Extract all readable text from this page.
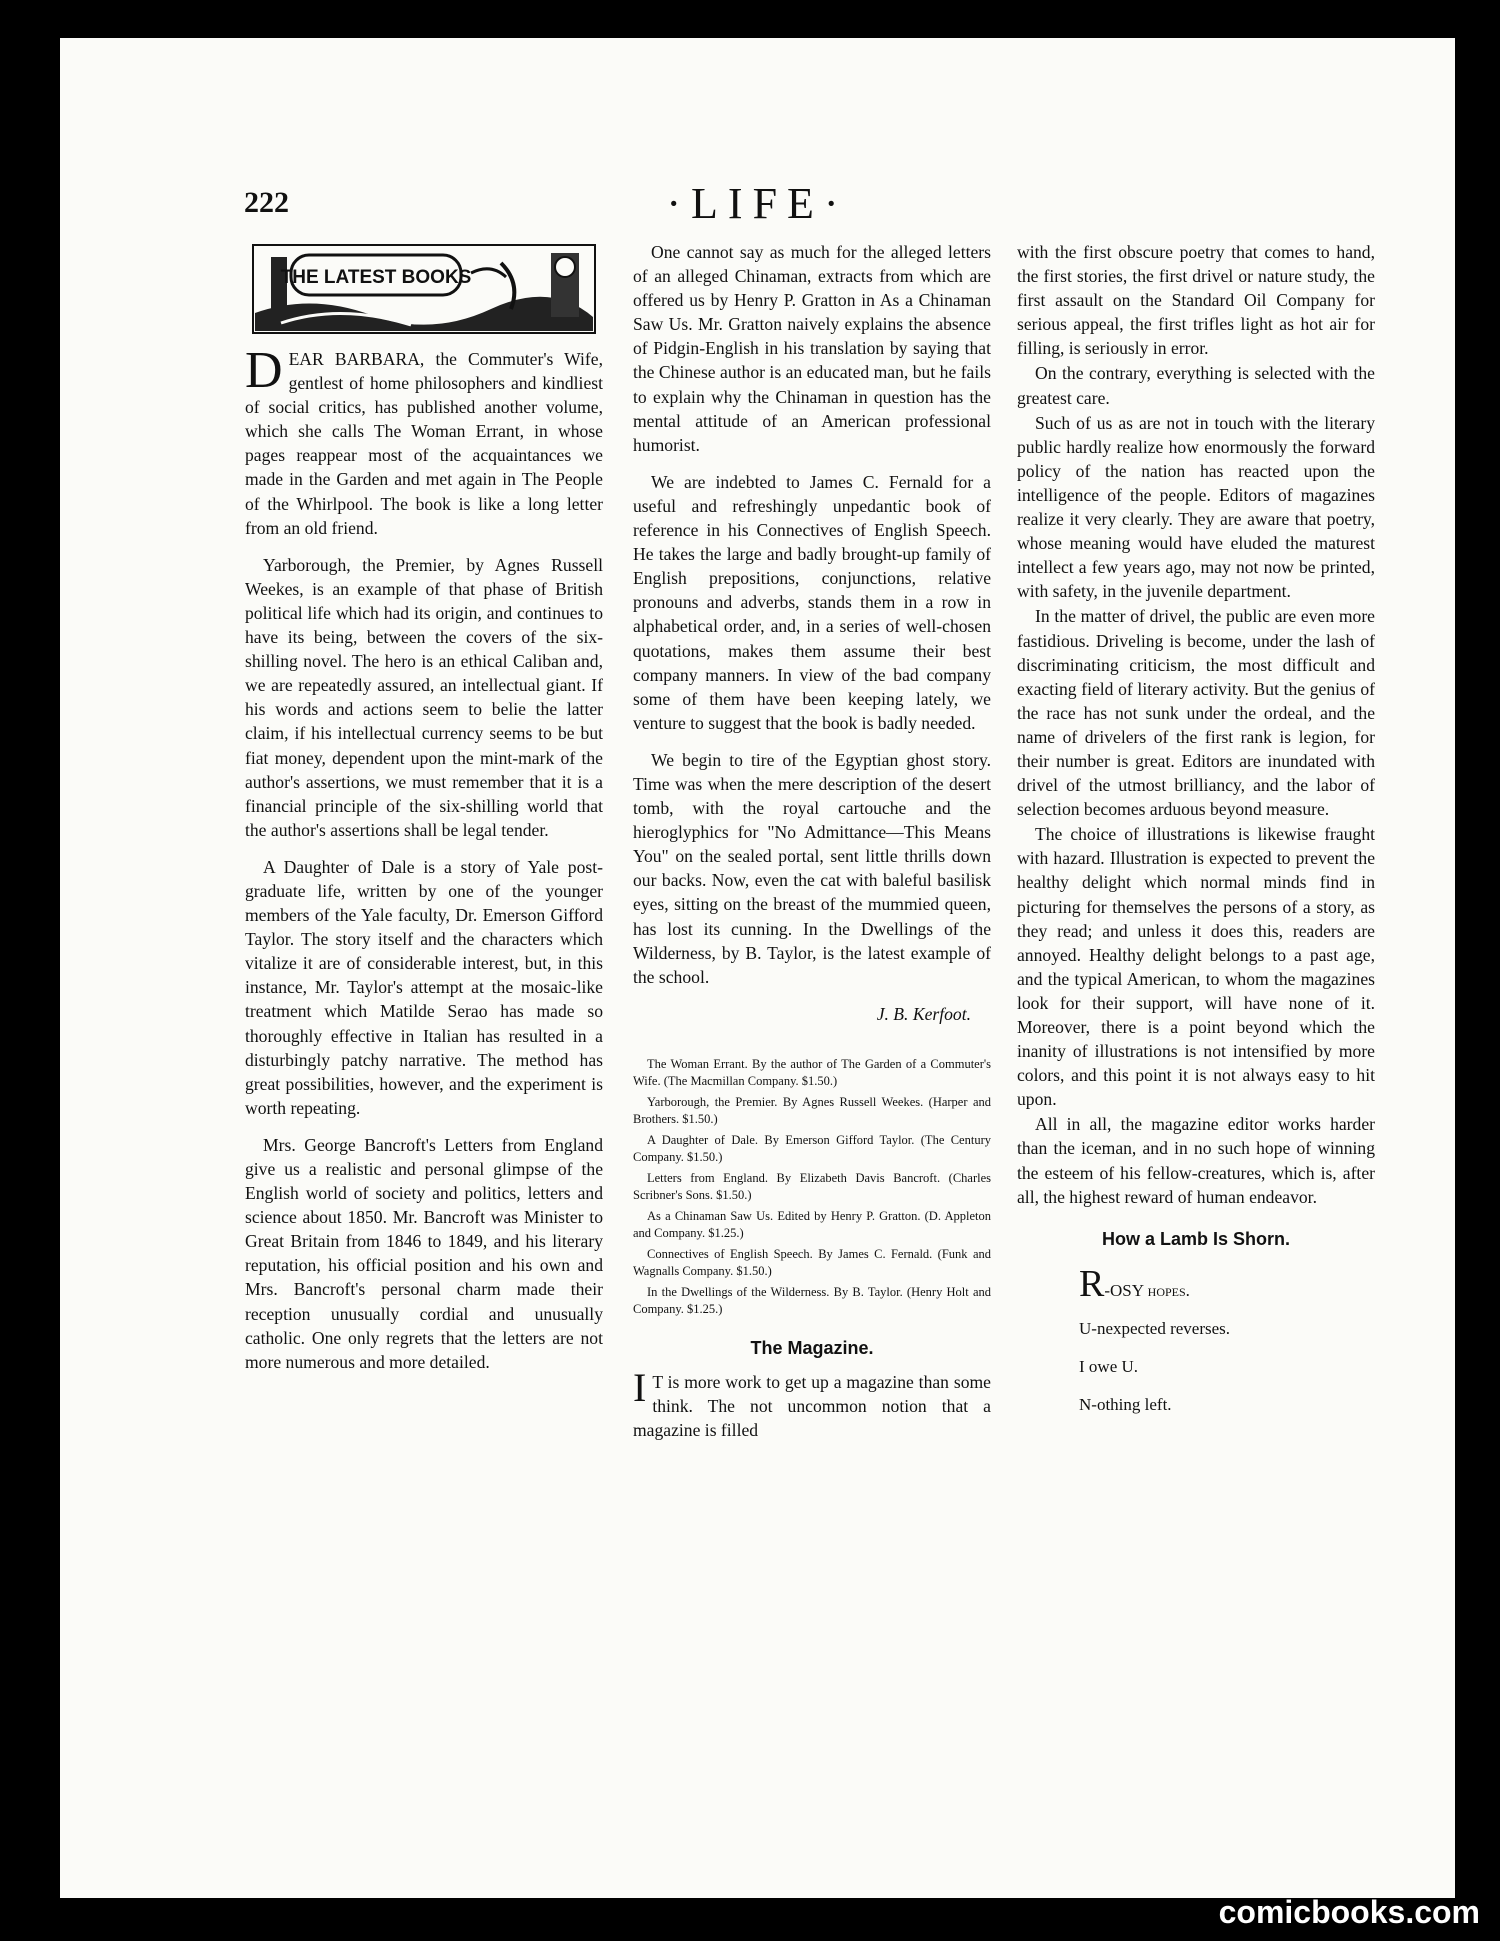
222	·LIFE·
THE LATEST BOOKS

DEAR BARBARA, the Commuter's Wife, gentlest of home philosophers and kindliest of social critics, has published another volume, which she calls The Woman Errant, in whose pages reappear most of the acquaintances we made in the Garden and met again in The People of the Whirlpool. The book is like a long letter from an old friend.

Yarborough, the Premier, by Agnes Russell Weekes, is an example of that phase of British political life which had its origin, and continues to have its being, between the covers of the six-shilling novel. The hero is an ethical Caliban and, we are repeatedly assured, an intellectual giant. If his words and actions seem to belie the latter claim, if his intellectual currency seems to be but fiat money, dependent upon the mint-mark of the author's assertions, we must remember that it is a financial principle of the six-shilling world that the author's assertions shall be legal tender.

A Daughter of Dale is a story of Yale post-graduate life, written by one of the younger members of the Yale faculty, Dr. Emerson Gifford Taylor. The story itself and the characters which vitalize it are of considerable interest, but, in this instance, Mr. Taylor's attempt at the mosaic-like treatment which Matilde Serao has made so thoroughly effective in Italian has resulted in a disturbingly patchy narrative. The method has great possibilities, however, and the experiment is worth repeating.

Mrs. George Bancroft's Letters from England give us a realistic and personal glimpse of the English world of society and politics, letters and science about 1850. Mr. Bancroft was Minister to Great Britain from 1846 to 1849, and his literary reputation, his official position and his own and Mrs. Bancroft's personal charm made their reception unusually cordial and unusually catholic. One only regrets that the letters are not more numerous and more detailed.

One cannot say as much for the alleged letters of an alleged Chinaman, extracts from which are offered us by Henry P. Gratton in As a Chinaman Saw Us. Mr. Gratton naively explains the absence of Pidgin-English in his translation by saying that the Chinese author is an educated man, but he fails to explain why the Chinaman in question has the mental attitude of an American professional humorist.

We are indebted to James C. Fernald for a useful and refreshingly unpedantic book of reference in his Connectives of English Speech. He takes the large and badly brought-up family of English prepositions, conjunctions, relative pronouns and adverbs, stands them in a row in alphabetical order, and, in a series of well-chosen quotations, makes them assume their best company manners. In view of the bad company some of them have been keeping lately, we venture to suggest that the book is badly needed.

We begin to tire of the Egyptian ghost story. Time was when the mere description of the desert tomb, with the royal cartouche and the hieroglyphics for "No Admittance—This Means You" on the sealed portal, sent little thrills down our backs. Now, even the cat with baleful basilisk eyes, sitting on the breast of the mummied queen, has lost its cunning. In the Dwellings of the Wilderness, by B. Taylor, is the latest example of the school.

J. B. Kerfoot.

The Woman Errant. By the author of The Garden of a Commuter's Wife. (The Macmillan Company. $1.50.)

Yarborough, the Premier. By Agnes Russell Weekes. (Harper and Brothers. $1.50.)

A Daughter of Dale. By Emerson Gifford Taylor. (The Century Company. $1.50.)

Letters from England. By Elizabeth Davis Bancroft. (Charles Scribner's Sons. $1.50.)

As a Chinaman Saw Us. Edited by Henry P. Gratton. (D. Appleton and Company. $1.25.)

Connectives of English Speech. By James C. Fernald. (Funk and Wagnalls Company. $1.50.)

In the Dwellings of the Wilderness. By B. Taylor. (Henry Holt and Company. $1.25.)

The Magazine.

I T is more work to get up a magazine than some think. The not uncommon notion that a magazine is filled

with the first obscure poetry that comes to hand, the first stories, the first drivel or nature study, the first assault on the Standard Oil Company for serious appeal, the first trifles light as hot air for filling, is seriously in error.

On the contrary, everything is selected with the greatest care.

Such of us as are not in touch with the literary public hardly realize how enormously the forward policy of the nation has reacted upon the intelligence of the people. Editors of magazines realize it very clearly. They are aware that poetry, whose meaning would have eluded the maturest intellect a few years ago, may not now be printed, with safety, in the juvenile department.

In the matter of drivel, the public are even more fastidious. Driveling is become, under the lash of discriminating criticism, the most difficult and exacting field of literary activity. But the genius of the race has not sunk under the ordeal, and the name of drivelers of the first rank is legion, for their number is great. Editors are inundated with drivel of the utmost brilliancy, and the labor of selection becomes arduous beyond measure.

The choice of illustrations is likewise fraught with hazard. Illustration is expected to prevent the healthy delight which normal minds find in picturing for themselves the persons of a story, as they read; and unless it does this, readers are annoyed. Healthy delight belongs to a past age, and the typical American, to whom the magazines look for their support, will have none of it. Moreover, there is a point beyond which the inanity of illustrations is not intensified by more colors, and this point it is not always easy to hit upon.

All in all, the magazine editor works harder than the iceman, and in no such hope of winning the esteem of his fellow-creatures, which is, after all, the highest reward of human endeavor.

How a Lamb Is Shorn.

R-OSY hopes.
U-nexpected reverses.
I owe U.
N-othing left.
comicbooks.com
